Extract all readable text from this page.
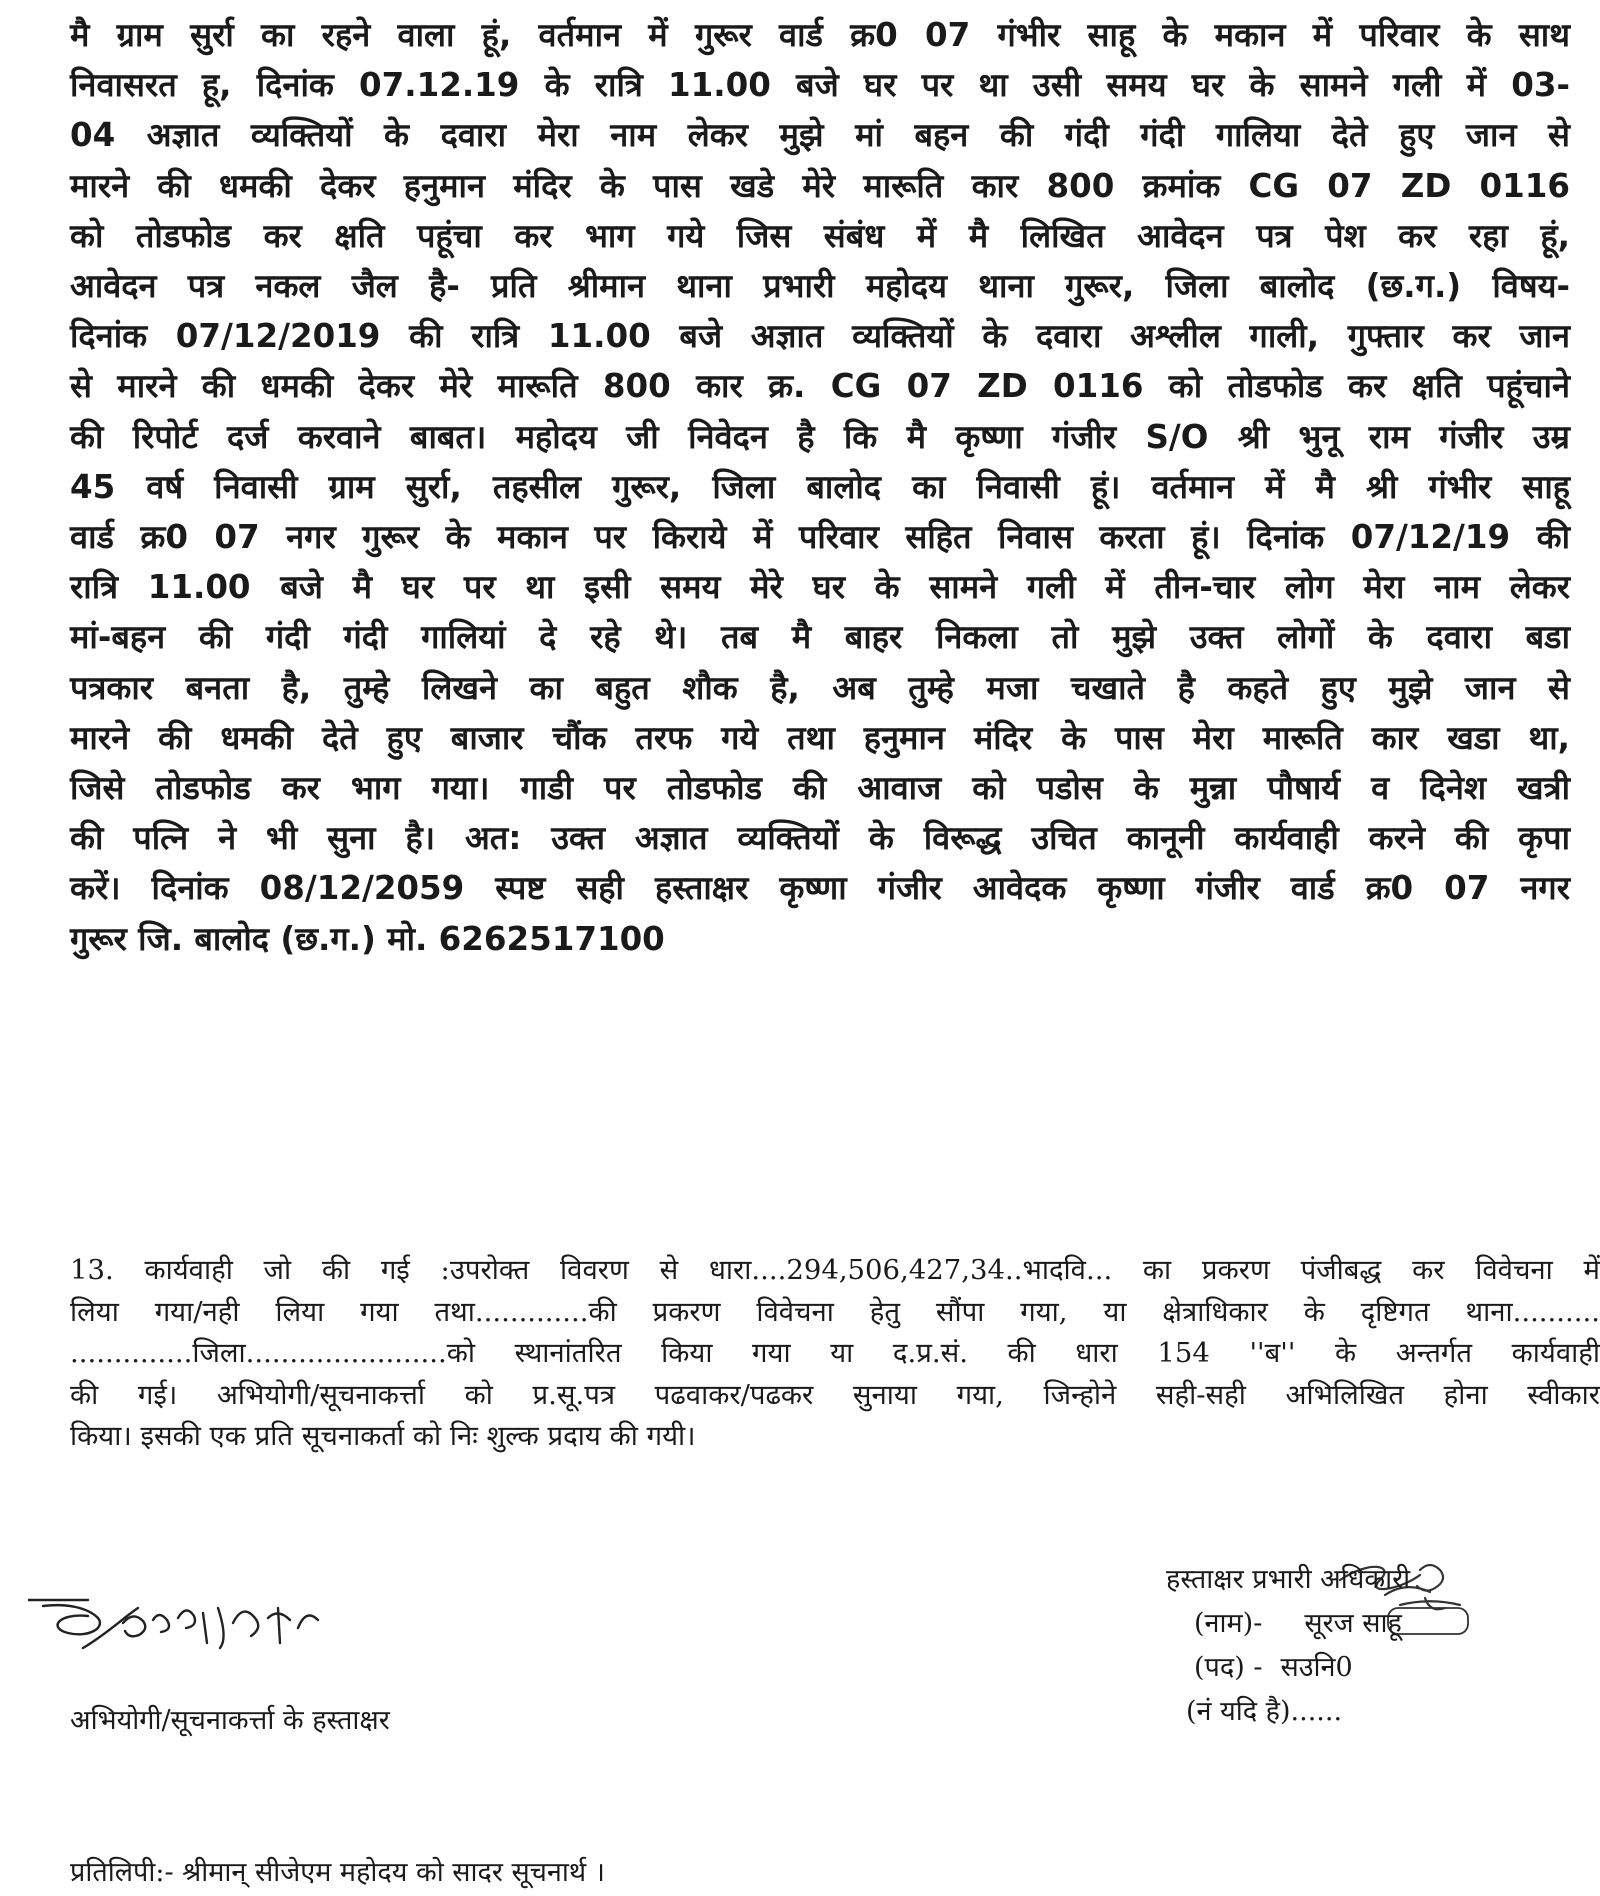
मै ग्राम सुर्रा का रहने वाला हूं, वर्तमान में गुरूर वार्ड क्र0 07 गंभीर साहू के मकान में परिवार के साथ
निवासरत हू, दिनांक 07.12.19 के रात्रि 11.00 बजे घर पर था उसी समय घर के सामने गली में 03-
04 अज्ञात व्यक्तियों के दवारा मेरा नाम लेकर मुझे मां बहन की गंदी गंदी गालिया देते हुए जान से
मारने की धमकी देकर हनुमान मंदिर के पास खडे मेरे मारूति कार 800 क्रमांक CG 07 ZD 0116
को तोडफोड कर क्षति पहूंचा कर भाग गये जिस संबंध में मै लिखित आवेदन पत्र पेश कर रहा हूं,
आवेदन पत्र नकल जैल है- प्रति श्रीमान थाना प्रभारी महोदय थाना गुरूर, जिला बालोद (छ.ग.) विषय-
दिनांक 07/12/2019 की रात्रि 11.00 बजे अज्ञात व्यक्तियों के दवारा अश्लील गाली, गुफ्तार कर जान
से मारने की धमकी देकर मेरे मारूति 800 कार क्र. CG 07 ZD 0116 को तोडफोड कर क्षति पहूंचाने
की रिपोर्ट दर्ज करवाने बाबत। महोदय जी निवेदन है कि मै कृष्णा गंजीर S/O श्री भुनू राम गंजीर उम्र
45 वर्ष निवासी ग्राम सुर्रा, तहसील गुरूर, जिला बालोद का निवासी हूं। वर्तमान में मै श्री गंभीर साहू
वार्ड क्र0 07 नगर गुरूर के मकान पर किराये में परिवार सहित निवास करता हूं। दिनांक 07/12/19 की
रात्रि 11.00 बजे मै घर पर था इसी समय मेरे घर के सामने गली में तीन-चार लोग मेरा नाम लेकर
मां-बहन की गंदी गंदी गालियां दे रहे थे। तब मै बाहर निकला तो मुझे उक्त लोगों के दवारा बडा
पत्रकार बनता है, तुम्हे लिखने का बहुत शौक है, अब तुम्हे मजा चखाते है कहते हुए मुझे जान से
मारने की धमकी देते हुए बाजार चौंक तरफ गये तथा हनुमान मंदिर के पास मेरा मारूति कार खडा था,
जिसे तोडफोड कर भाग गया। गाडी पर तोडफोड की आवाज को पडोस के मुन्ना पौषार्य व दिनेश खत्री
की पत्नि ने भी सुना है। अत: उक्त अज्ञात व्यक्तियों के विरूद्ध उचित कानूनी कार्यवाही करने की कृपा
करें। दिनांक 08/12/2059 स्पष्ट सही हस्ताक्षर कृष्णा गंजीर आवेदक कृष्णा गंजीर वार्ड क्र0 07 नगर
गुरूर जि. बालोद (छ.ग.) मो. 6262517100
13. कार्यवाही जो की गई :उपरोक्त विवरण से धारा....294,506,427,34..भादवि... का प्रकरण पंजीबद्ध कर विवेचना में
लिया गया/नही लिया गया तथा.............की प्रकरण विवेचना हेतु सौंपा गया, या क्षेत्राधिकार के दृष्टिगत थाना..........
..............जिला.......................को स्थानांतरित किया गया या द.प्र.सं. की धारा 154 ''ब'' के अन्तर्गत कार्यवाही
की गई। अभियोगी/सूचनाकर्त्ता को प्र.सू.पत्र पढवाकर/पढकर सुनाया गया, जिन्होने सही-सही अभिलिखित होना स्वीकार
किया। इसकी एक प्रति सूचनाकर्ता को निः शुल्क प्रदाय की गयी।
हस्ताक्षर प्रभारी अधिकारी
(नाम)- सूरज साहू
(पद) - सउनि0
(नं यदि है)......
अभियोगी/सूचनाकर्त्ता के हस्ताक्षर
प्रतिलिपी:- श्रीमान् सीजेएम महोदय को सादर सूचनार्थ ।
